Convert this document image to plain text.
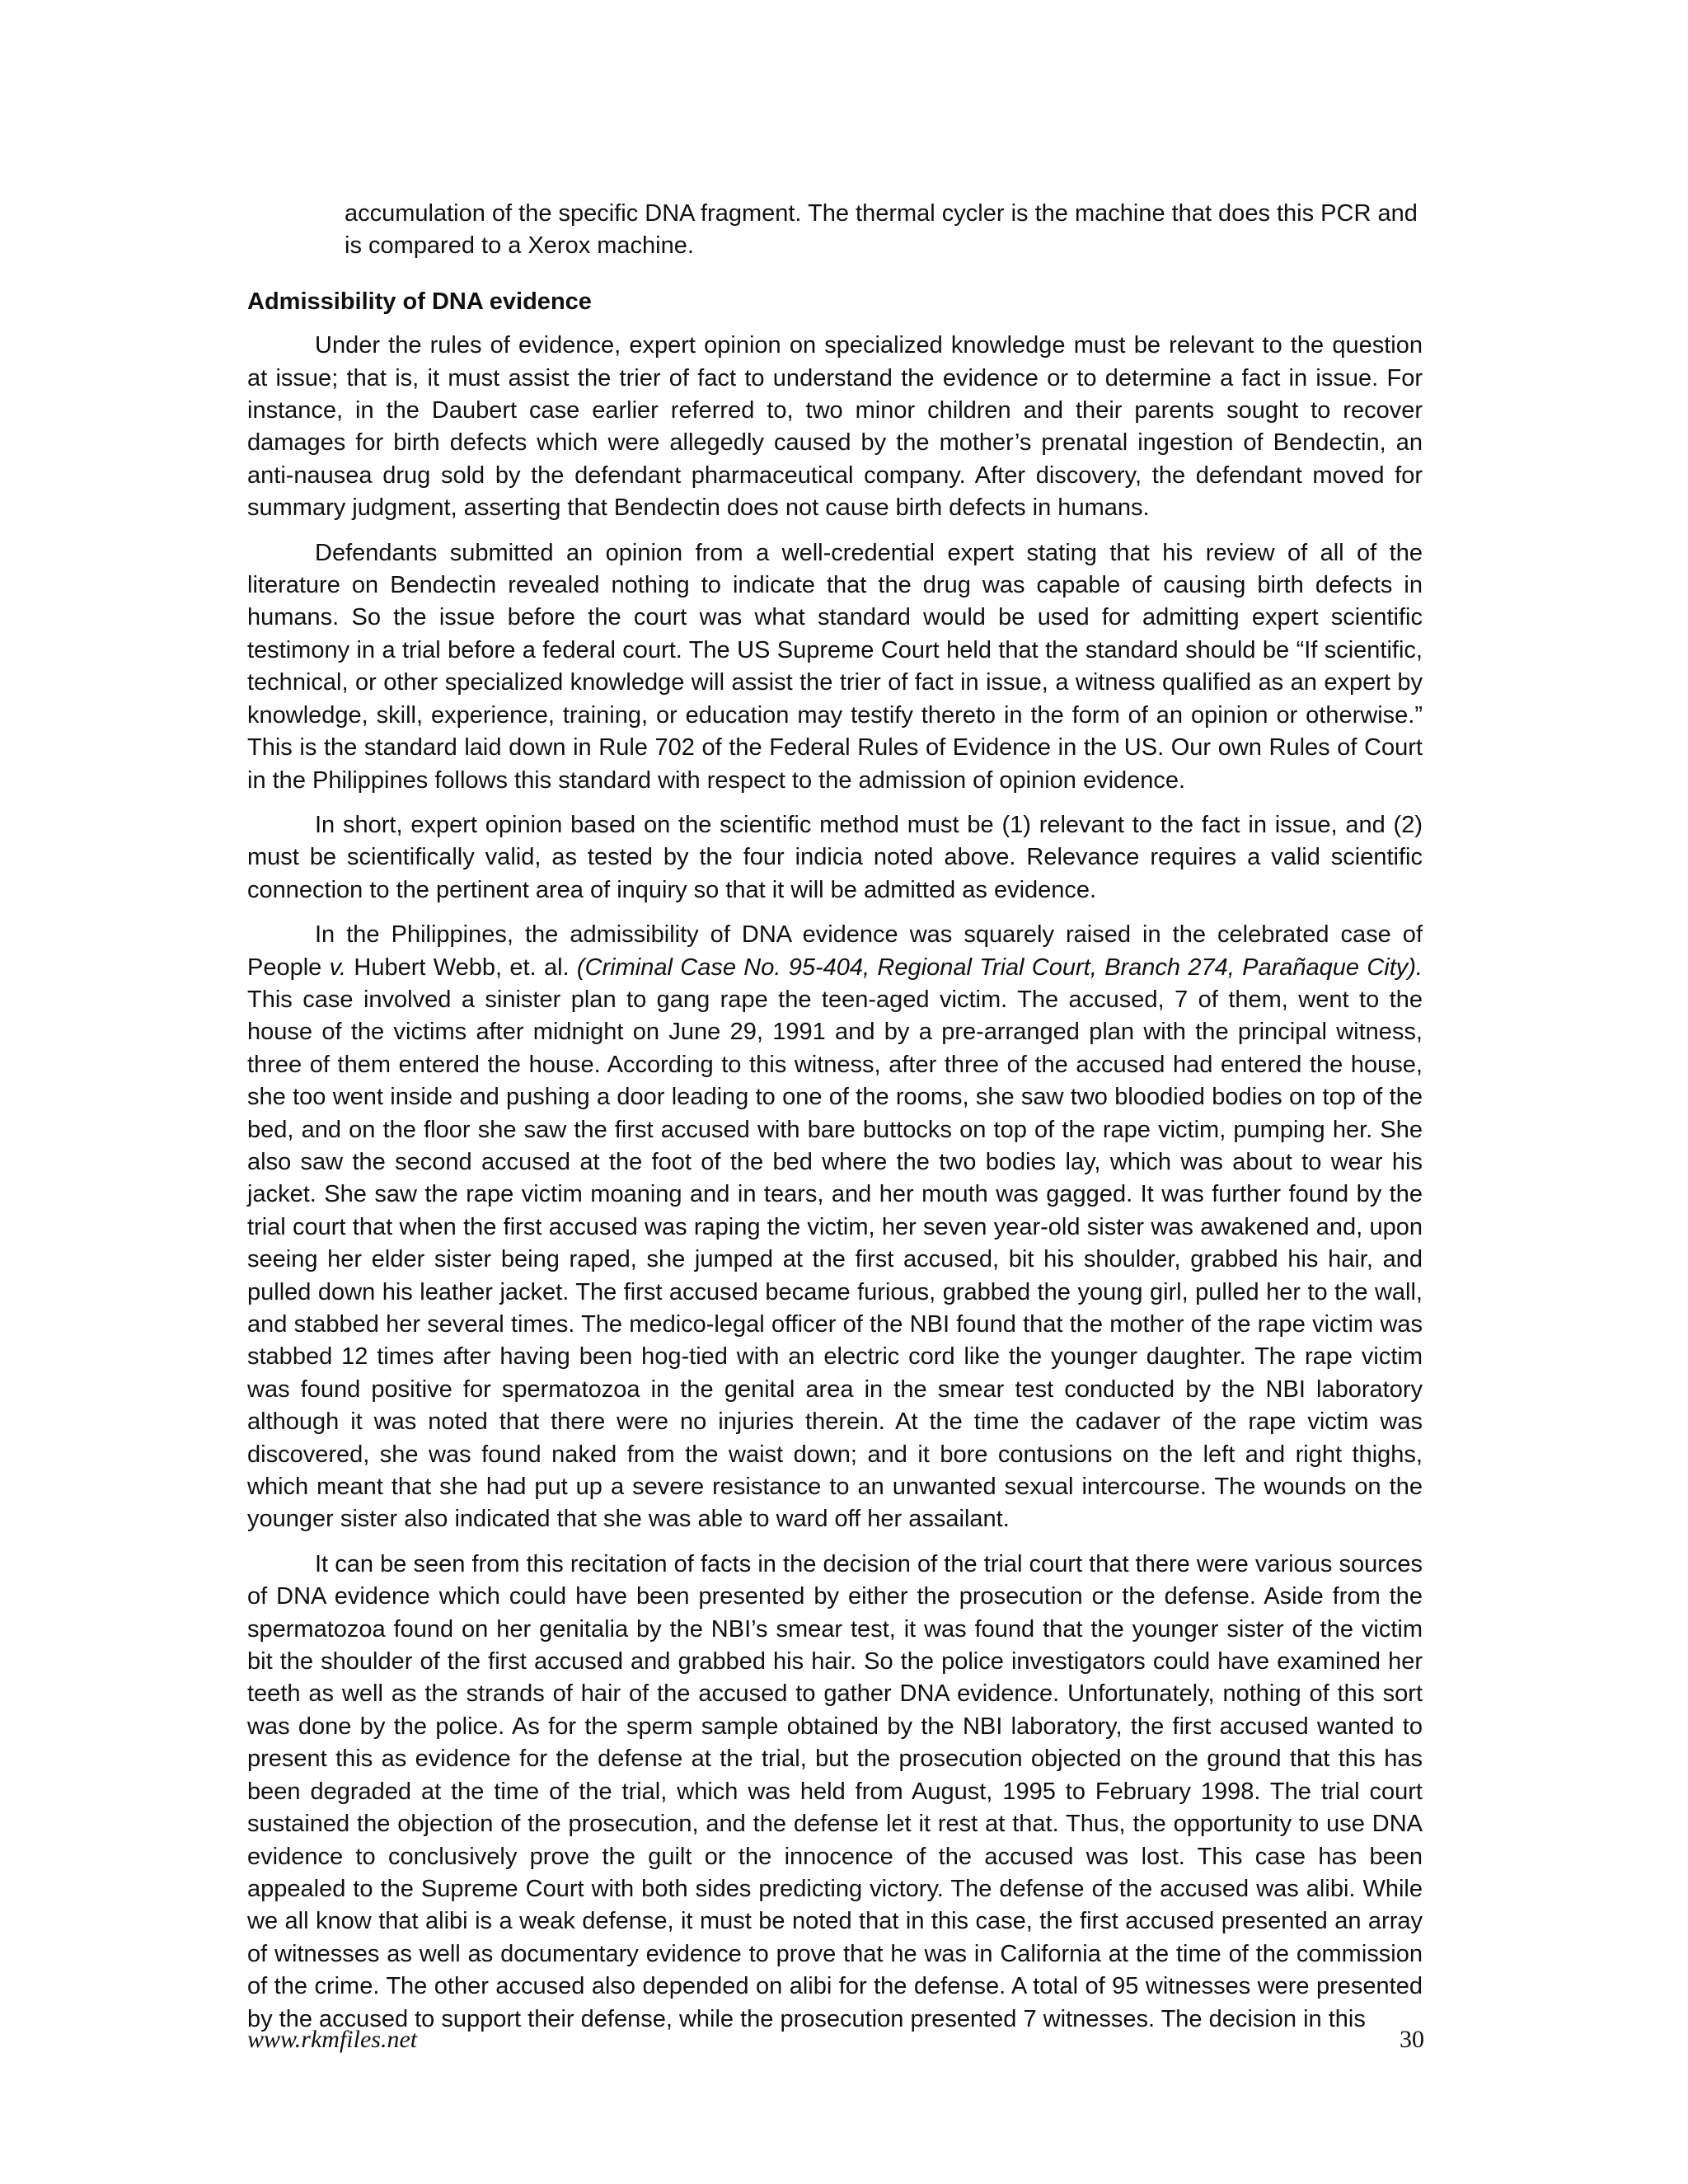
accumulation of the specific DNA fragment. The thermal cycler is the machine that does this PCR and is compared to a Xerox machine.
Admissibility of DNA evidence

Under the rules of evidence, expert opinion on specialized knowledge must be relevant to the question at issue; that is, it must assist the trier of fact to understand the evidence or to determine a fact in issue. For instance, in the Daubert case earlier referred to, two minor children and their parents sought to recover damages for birth defects which were allegedly caused by the mother’s prenatal ingestion of Bendectin, an anti-nausea drug sold by the defendant pharmaceutical company. After discovery, the defendant moved for summary judgment, asserting that Bendectin does not cause birth defects in humans.

Defendants submitted an opinion from a well-credential expert stating that his review of all of the literature on Bendectin revealed nothing to indicate that the drug was capable of causing birth defects in humans. So the issue before the court was what standard would be used for admitting expert scientific testimony in a trial before a federal court. The US Supreme Court held that the standard should be “If scientific, technical, or other specialized knowledge will assist the trier of fact in issue, a witness qualified as an expert by knowledge, skill, experience, training, or education may testify thereto in the form of an opinion or otherwise.” This is the standard laid down in Rule 702 of the Federal Rules of Evidence in the US. Our own Rules of Court in the Philippines follows this standard with respect to the admission of opinion evidence.

In short, expert opinion based on the scientific method must be (1) relevant to the fact in issue, and (2) must be scientifically valid, as tested by the four indicia noted above. Relevance requires a valid scientific connection to the pertinent area of inquiry so that it will be admitted as evidence.

In the Philippines, the admissibility of DNA evidence was squarely raised in the celebrated case of People v. Hubert Webb, et. al. (Criminal Case No. 95-404, Regional Trial Court, Branch 274, Parañaque City). This case involved a sinister plan to gang rape the teen-aged victim. The accused, 7 of them, went to the house of the victims after midnight on June 29, 1991 and by a pre-arranged plan with the principal witness, three of them entered the house. According to this witness, after three of the accused had entered the house, she too went inside and pushing a door leading to one of the rooms, she saw two bloodied bodies on top of the bed, and on the floor she saw the first accused with bare buttocks on top of the rape victim, pumping her. She also saw the second accused at the foot of the bed where the two bodies lay, which was about to wear his jacket. She saw the rape victim moaning and in tears, and her mouth was gagged. It was further found by the trial court that when the first accused was raping the victim, her seven year-old sister was awakened and, upon seeing her elder sister being raped, she jumped at the first accused, bit his shoulder, grabbed his hair, and pulled down his leather jacket. The first accused became furious, grabbed the young girl, pulled her to the wall, and stabbed her several times. The medico-legal officer of the NBI found that the mother of the rape victim was stabbed 12 times after having been hog-tied with an electric cord like the younger daughter. The rape victim was found positive for spermatozoa in the genital area in the smear test conducted by the NBI laboratory although it was noted that there were no injuries therein. At the time the cadaver of the rape victim was discovered, she was found naked from the waist down; and it bore contusions on the left and right thighs, which meant that she had put up a severe resistance to an unwanted sexual intercourse. The wounds on the younger sister also indicated that she was able to ward off her assailant.

It can be seen from this recitation of facts in the decision of the trial court that there were various sources of DNA evidence which could have been presented by either the prosecution or the defense. Aside from the spermatozoa found on her genitalia by the NBI’s smear test, it was found that the younger sister of the victim bit the shoulder of the first accused and grabbed his hair. So the police investigators could have examined her teeth as well as the strands of hair of the accused to gather DNA evidence. Unfortunately, nothing of this sort was done by the police. As for the sperm sample obtained by the NBI laboratory, the first accused wanted to present this as evidence for the defense at the trial, but the prosecution objected on the ground that this has been degraded at the time of the trial, which was held from August, 1995 to February 1998. The trial court sustained the objection of the prosecution, and the defense let it rest at that. Thus, the opportunity to use DNA evidence to conclusively prove the guilt or the innocence of the accused was lost. This case has been appealed to the Supreme Court with both sides predicting victory. The defense of the accused was alibi. While we all know that alibi is a weak defense, it must be noted that in this case, the first accused presented an array of witnesses as well as documentary evidence to prove that he was in California at the time of the commission of the crime. The other accused also depended on alibi for the defense. A total of 95 witnesses were presented by the accused to support their defense, while the prosecution presented 7 witnesses. The decision in this

www.rkmfiles.net	30
